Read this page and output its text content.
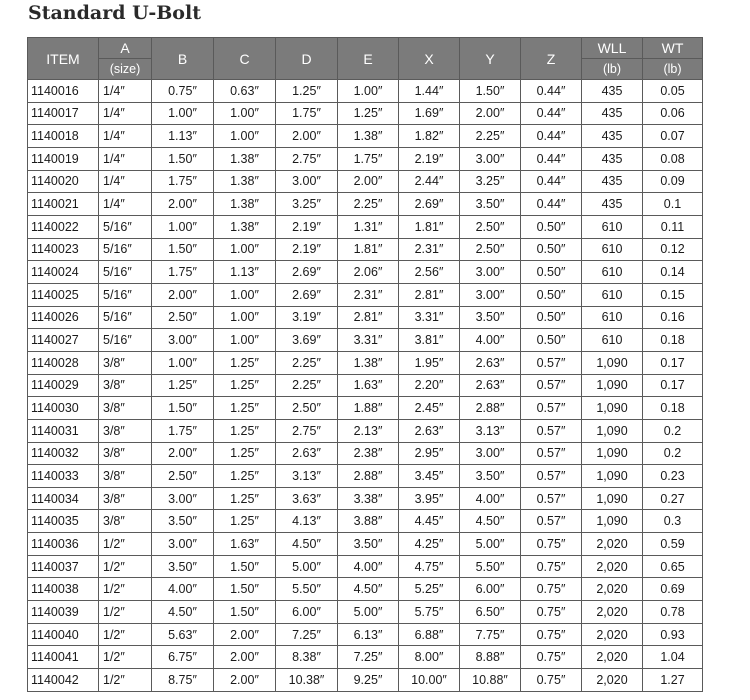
Standard U-Bolt
ITEM	A	B	C	D	E	X	Y	Z	WLL	WT
	(size)								(lb)	(lb)
1140016	1/4″	0.75″	0.63″	1.25″	1.00″	1.44″	1.50″	0.44″	435	0.05
1140017	1/4″	1.00″	1.00″	1.75″	1.25″	1.69″	2.00″	0.44″	435	0.06
1140018	1/4″	1.13″	1.00″	2.00″	1.38″	1.82″	2.25″	0.44″	435	0.07
1140019	1/4″	1.50″	1.38″	2.75″	1.75″	2.19″	3.00″	0.44″	435	0.08
1140020	1/4″	1.75″	1.38″	3.00″	2.00″	2.44″	3.25″	0.44″	435	0.09
1140021	1/4″	2.00″	1.38″	3.25″	2.25″	2.69″	3.50″	0.44″	435	0.1
1140022	5/16″	1.00″	1.38″	2.19″	1.31″	1.81″	2.50″	0.50″	610	0.11
1140023	5/16″	1.50″	1.00″	2.19″	1.81″	2.31″	2.50″	0.50″	610	0.12
1140024	5/16″	1.75″	1.13″	2.69″	2.06″	2.56″	3.00″	0.50″	610	0.14
1140025	5/16″	2.00″	1.00″	2.69″	2.31″	2.81″	3.00″	0.50″	610	0.15
1140026	5/16″	2.50″	1.00″	3.19″	2.81″	3.31″	3.50″	0.50″	610	0.16
1140027	5/16″	3.00″	1.00″	3.69″	3.31″	3.81″	4.00″	0.50″	610	0.18
1140028	3/8″	1.00″	1.25″	2.25″	1.38″	1.95″	2.63″	0.57″	1,090	0.17
1140029	3/8″	1.25″	1.25″	2.25″	1.63″	2.20″	2.63″	0.57″	1,090	0.17
1140030	3/8″	1.50″	1.25″	2.50″	1.88″	2.45″	2.88″	0.57″	1,090	0.18
1140031	3/8″	1.75″	1.25″	2.75″	2.13″	2.63″	3.13″	0.57″	1,090	0.2
1140032	3/8″	2.00″	1.25″	2.63″	2.38″	2.95″	3.00″	0.57″	1,090	0.2
1140033	3/8″	2.50″	1.25″	3.13″	2.88″	3.45″	3.50″	0.57″	1,090	0.23
1140034	3/8″	3.00″	1.25″	3.63″	3.38″	3.95″	4.00″	0.57″	1,090	0.27
1140035	3/8″	3.50″	1.25″	4.13″	3.88″	4.45″	4.50″	0.57″	1,090	0.3
1140036	1/2″	3.00″	1.63″	4.50″	3.50″	4.25″	5.00″	0.75″	2,020	0.59
1140037	1/2″	3.50″	1.50″	5.00″	4.00″	4.75″	5.50″	0.75″	2,020	0.65
1140038	1/2″	4.00″	1.50″	5.50″	4.50″	5.25″	6.00″	0.75″	2,020	0.69
1140039	1/2″	4.50″	1.50″	6.00″	5.00″	5.75″	6.50″	0.75″	2,020	0.78
1140040	1/2″	5.63″	2.00″	7.25″	6.13″	6.88″	7.75″	0.75″	2,020	0.93
1140041	1/2″	6.75″	2.00″	8.38″	7.25″	8.00″	8.88″	0.75″	2,020	1.04
1140042	1/2″	8.75″	2.00″	10.38″	9.25″	10.00″	10.88″	0.75″	2,020	1.27
